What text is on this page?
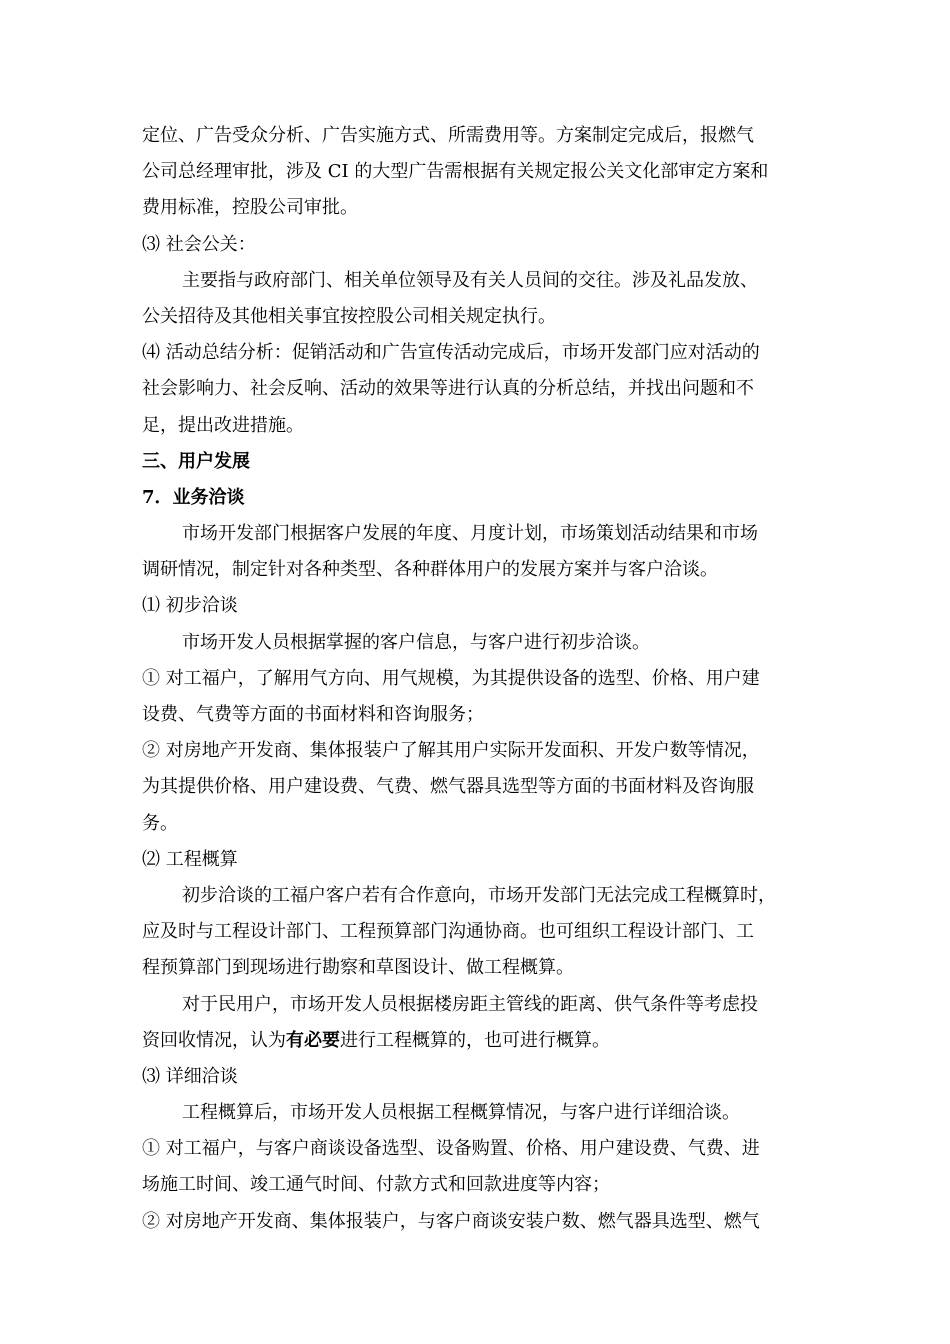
定位、广告受众分析、广告实施方式、所需费用等。方案制定完成后，报燃气
公司总经理审批，涉及 CI 的大型广告需根据有关规定报公关文化部审定方案和
费用标准，控股公司审批。
⑶ 社会公关：
主要指与政府部门、相关单位领导及有关人员间的交往。涉及礼品发放、
公关招待及其他相关事宜按控股公司相关规定执行。
⑷ 活动总结分析：促销活动和广告宣传活动完成后，市场开发部门应对活动的
社会影响力、社会反响、活动的效果等进行认真的分析总结，并找出问题和不
足，提出改进措施。
三、用户发展
7．业务洽谈
市场开发部门根据客户发展的年度、月度计划，市场策划活动结果和市场
调研情况，制定针对各种类型、各种群体用户的发展方案并与客户洽谈。
⑴ 初步洽谈
市场开发人员根据掌握的客户信息，与客户进行初步洽谈。
① 对工福户，了解用气方向、用气规模，为其提供设备的选型、价格、用户建
设费、气费等方面的书面材料和咨询服务；
② 对房地产开发商、集体报装户了解其用户实际开发面积、开发户数等情况，
为其提供价格、用户建设费、气费、燃气器具选型等方面的书面材料及咨询服
务。
⑵ 工程概算
初步洽谈的工福户客户若有合作意向，市场开发部门无法完成工程概算时，
应及时与工程设计部门、工程预算部门沟通协商。也可组织工程设计部门、工
程预算部门到现场进行勘察和草图设计、做工程概算。
对于民用户，市场开发人员根据楼房距主管线的距离、供气条件等考虑投
资回收情况，认为有必要进行工程概算的，也可进行概算。
⑶ 详细洽谈
工程概算后，市场开发人员根据工程概算情况，与客户进行详细洽谈。
① 对工福户，与客户商谈设备选型、设备购置、价格、用户建设费、气费、进
场施工时间、竣工通气时间、付款方式和回款进度等内容；
② 对房地产开发商、集体报装户，与客户商谈安装户数、燃气器具选型、燃气
